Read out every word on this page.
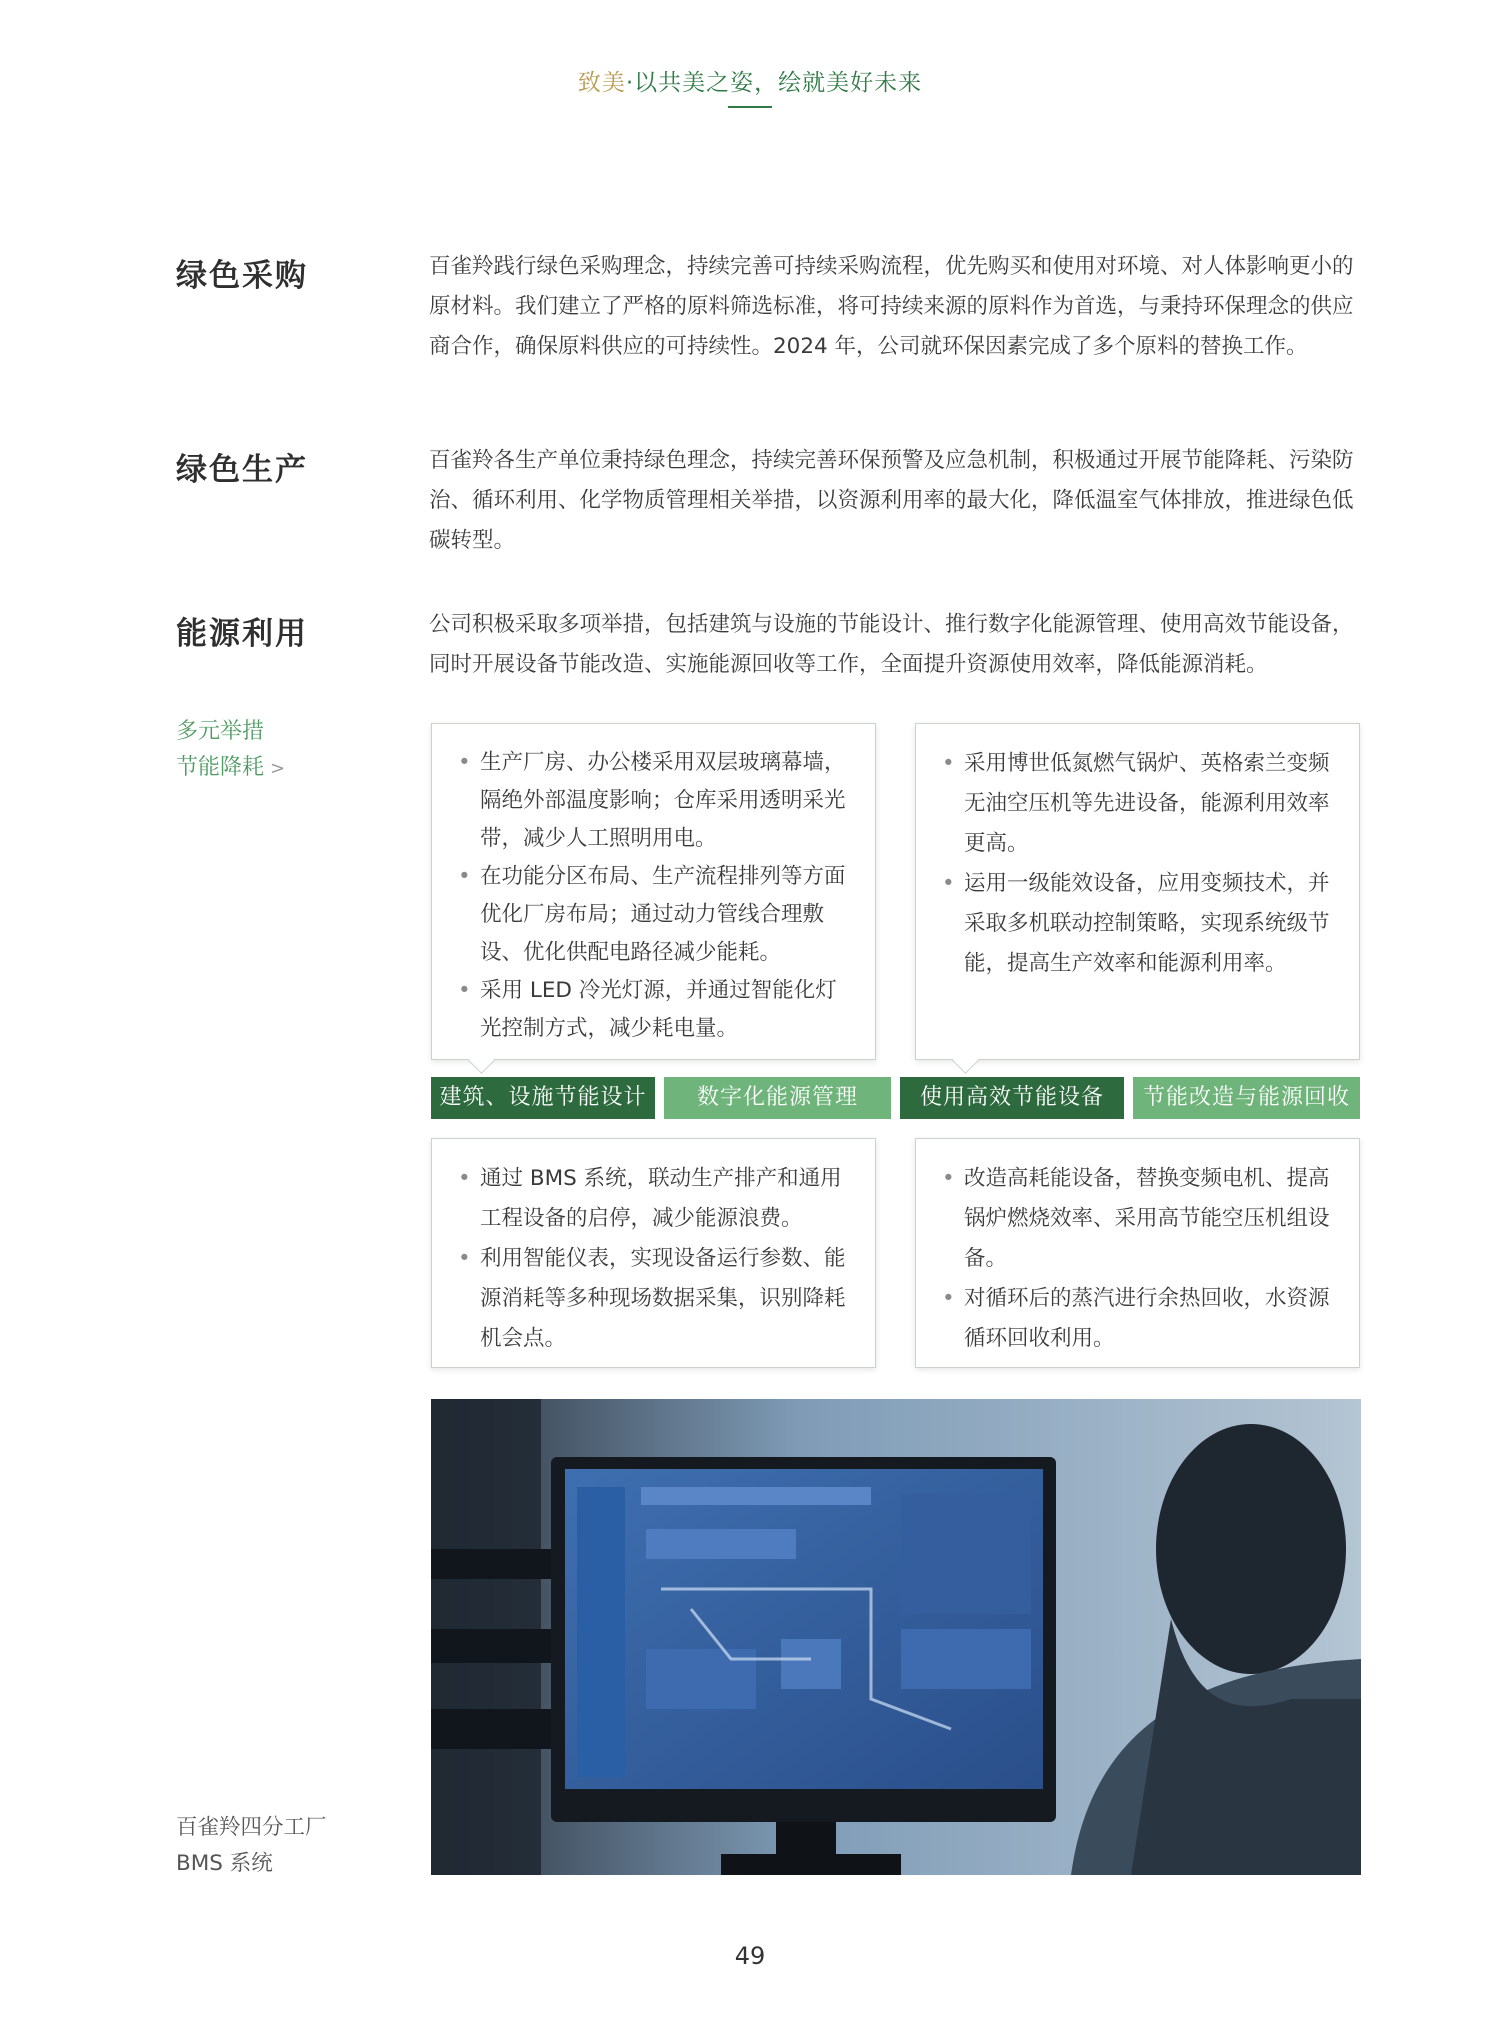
致美·以共美之姿，绘就美好未来
绿色采购	百雀羚践行绿色采购理念，持续完善可持续采购流程，优先购买和使用对环境、对人体影响更小的原材料。我们建立了严格的原料筛选标准，将可持续来源的原料作为首选，与秉持环保理念的供应商合作，确保原料供应的可持续性。2024 年，公司就环保因素完成了多个原料的替换工作。
绿色生产	百雀羚各生产单位秉持绿色理念，持续完善环保预警及应急机制，积极通过开展节能降耗、污染防治、循环利用、化学物质管理相关举措，以资源利用率的最大化，降低温室气体排放，推进绿色低碳转型。
能源利用	公司积极采取多项举措，包括建筑与设施的节能设计、推行数字化能源管理、使用高效节能设备，同时开展设备节能改造、实施能源回收等工作，全面提升资源使用效率，降低能源消耗。
多元举措
节能降耗 >
•	生产厂房、办公楼采用双层玻璃幕墙，隔绝外部温度影响；仓库采用透明采光带，减少人工照明用电。
• 在功能分区布局、生产流程排列等方面优化厂房布局；通过动力管线合理敷设、优化供配电路径减少能耗。
• 采用 LED 冷光灯源，并通过智能化灯光控制方式，减少耗电量。
• 采用博世低氮燃气锅炉、英格索兰变频无油空压机等先进设备，能源利用效率更高。
• 运用一级能效设备，应用变频技术，并采取多机联动控制策略，实现系统级节能，提高生产效率和能源利用率。
建筑、设施节能设计	数字化能源管理	使用高效节能设备	节能改造与能源回收
• 通过 BMS 系统，联动生产排产和通用工程设备的启停，减少能源浪费。
• 利用智能仪表，实现设备运行参数、能源消耗等多种现场数据采集，识别降耗机会点。
• 改造高耗能设备，替换变频电机、提高锅炉燃烧效率、采用高节能空压机组设备。
• 对循环后的蒸汽进行余热回收，水资源循环回收利用。
百雀羚四分工厂
BMS 系统
49
